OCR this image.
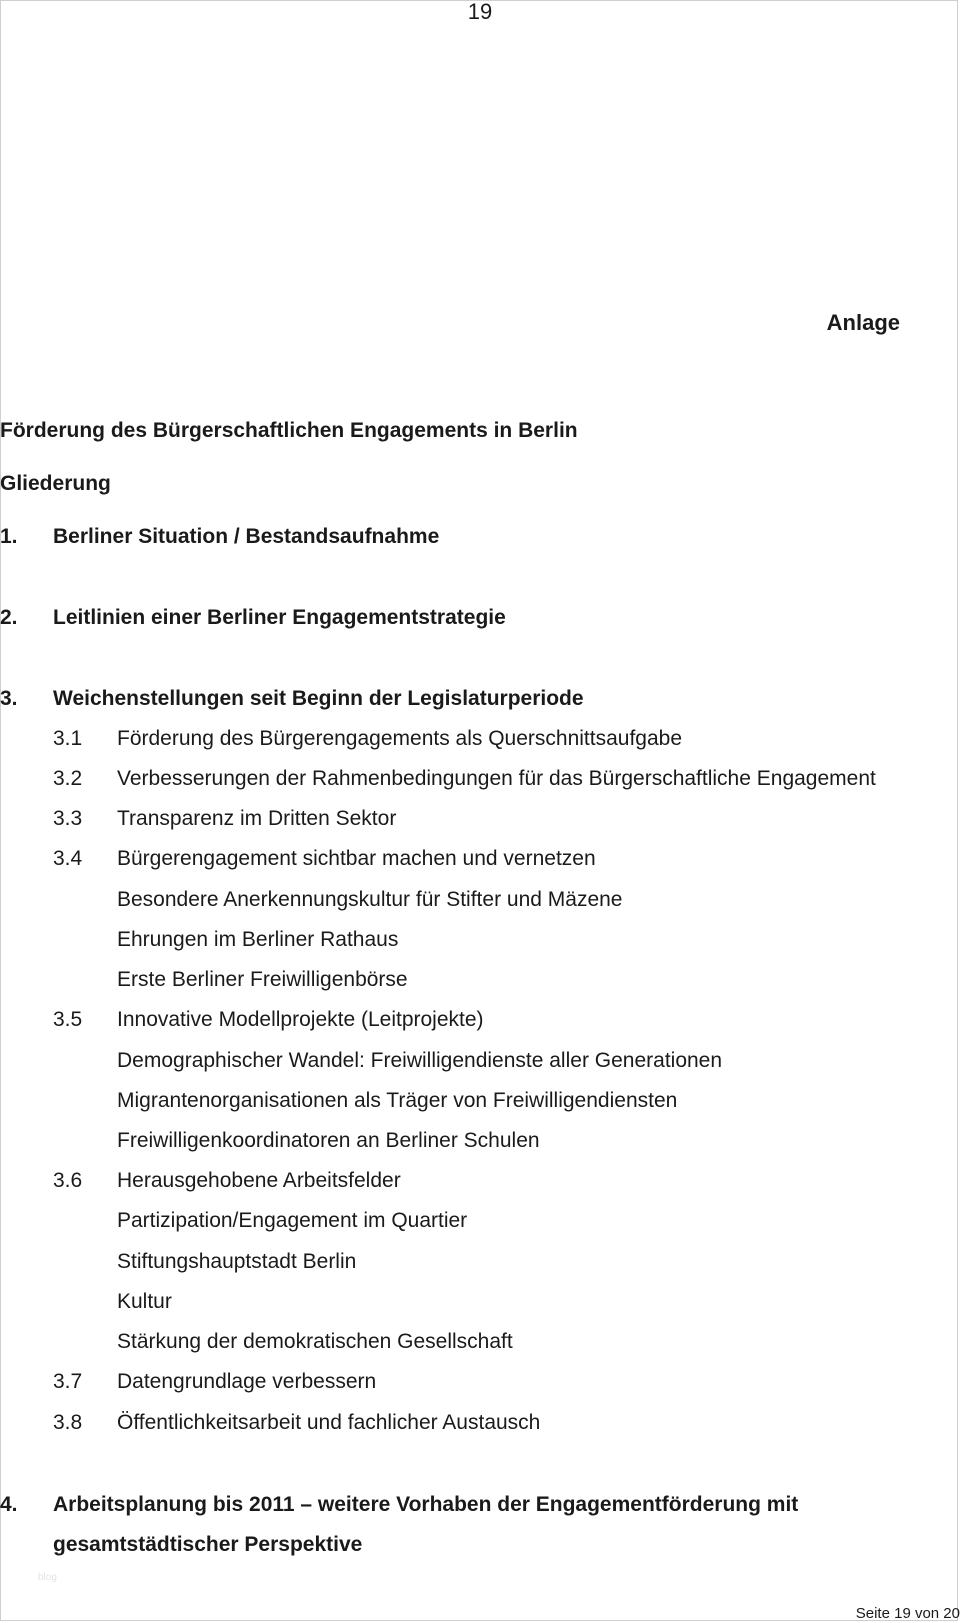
19
Anlage
Förderung des Bürgerschaftlichen Engagements in Berlin
Gliederung
1. Berliner Situation / Bestandsaufnahme
2. Leitlinien einer Berliner Engagementstrategie
3. Weichenstellungen seit Beginn der Legislaturperiode
3.1 Förderung des Bürgerengagements als Querschnittsaufgabe
3.2 Verbesserungen der Rahmenbedingungen für das Bürgerschaftliche Engagement
3.3 Transparenz im Dritten Sektor
3.4 Bürgerengagement sichtbar machen und vernetzen
Besondere Anerkennungskultur für Stifter und Mäzene
Ehrungen im Berliner Rathaus
Erste Berliner Freiwilligenbörse
3.5 Innovative Modellprojekte (Leitprojekte)
Demographischer Wandel: Freiwilligendienste aller Generationen
Migrantenorganisationen als Träger von Freiwilligendiensten
Freiwilligenkoordinatoren an Berliner Schulen
3.6 Herausgehobene Arbeitsfelder
Partizipation/Engagement im Quartier
Stiftungshauptstadt Berlin
Kultur
Stärkung der demokratischen Gesellschaft
3.7 Datengrundlage verbessern
3.8 Öffentlichkeitsarbeit und fachlicher Austausch
4. Arbeitsplanung bis 2011 – weitere Vorhaben der Engagementförderung mit
gesamtstädtischer Perspektive
blog
Seite 19 von 20
